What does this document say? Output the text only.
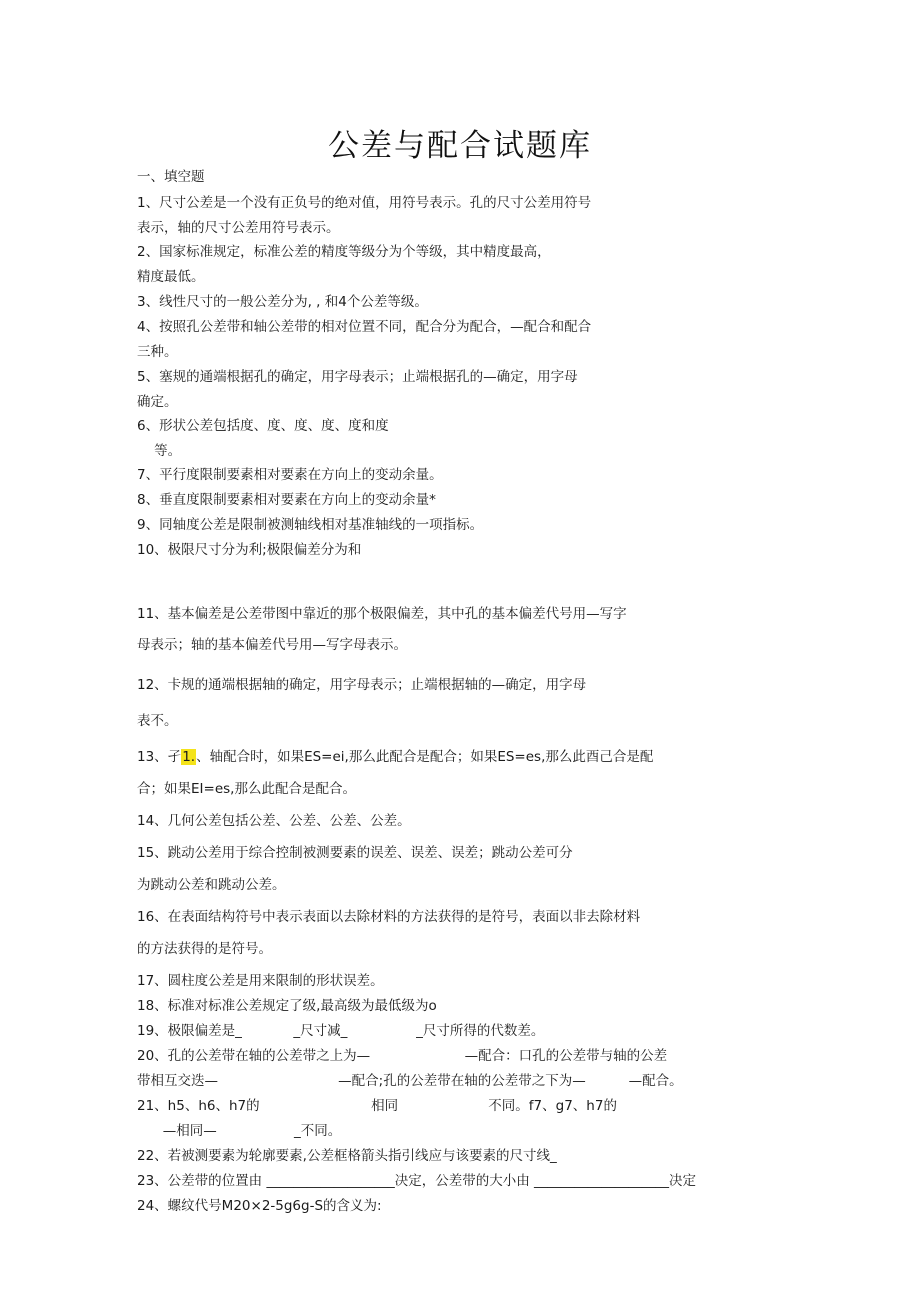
公差与配合试题库
一、填空题
1、尺寸公差是一个没有正负号的绝对值，用符号表示。孔的尺寸公差用符号
表示，轴的尺寸公差用符号表示。
2、国家标准规定，标准公差的精度等级分为个等级，其中精度最高，
精度最低。
3、线性尺寸的一般公差分为, , 和4个公差等级。
4、按照孔公差带和轴公差带的相对位置不同，配合分为配合，—配合和配合
三种。
5、塞规的通端根据孔的确定，用字母表示；止端根据孔的—确定，用字母
确定。
6、形状公差包括度、度、度、度、度和度
等。
7、平行度限制要素相对要素在方向上的变动余量。
8、垂直度限制要素相对要素在方向上的变动余量*
9、同轴度公差是限制被测轴线相对基准轴线的一项指标。
10、极限尺寸分为利;极限偏差分为和
11、基本偏差是公差带图中靠近的那个极限偏差，其中孔的基本偏差代号用—写字
母表示；轴的基本偏差代号用—写字母表示。
12、卡规的通端根据轴的确定，用字母表示；止端根据轴的—确定，用字母
表不。
合；如果EI=es,那么此配合是配合。
14、几何公差包括公差、公差、公差、公差。
15、跳动公差用于综合控制被测要素的误差、误差、误差；跳动公差可分
为跳动公差和跳动公差。
16、在表面结构符号中表示表面以去除材料的方法获得的是符号，表面以非去除材料
的方法获得的是符号。
17、圆柱度公差是用来限制的形状误差。
18、标准对标准公差规定了级,最高级为最低级为o
19、极限偏差是_            _尺寸减_                _尺寸所得的代数差。
20、孔的公差带在轴的公差带之上为—                      —配合：口孔的公差带与轴的公差
带相互交迭—                            —配合;孔的公差带在轴的公差带之下为—          —配合。
21、h5、h6、h7的                          相同                     不同。f7、g7、h7的
—相同—                  _不同。
22、若被测要素为轮廓要素,公差框格箭头指引线应与该要素的尺寸线_
23、公差带的位置由 ___________________决定，公差带的大小由 ____________________决定
24、螺纹代号M20×2-5g6g-S的含义为:
13、孑1.、轴配合时，如果ES=ei,那么此配合是配合；如果ES=es,那么此酉己合是配
